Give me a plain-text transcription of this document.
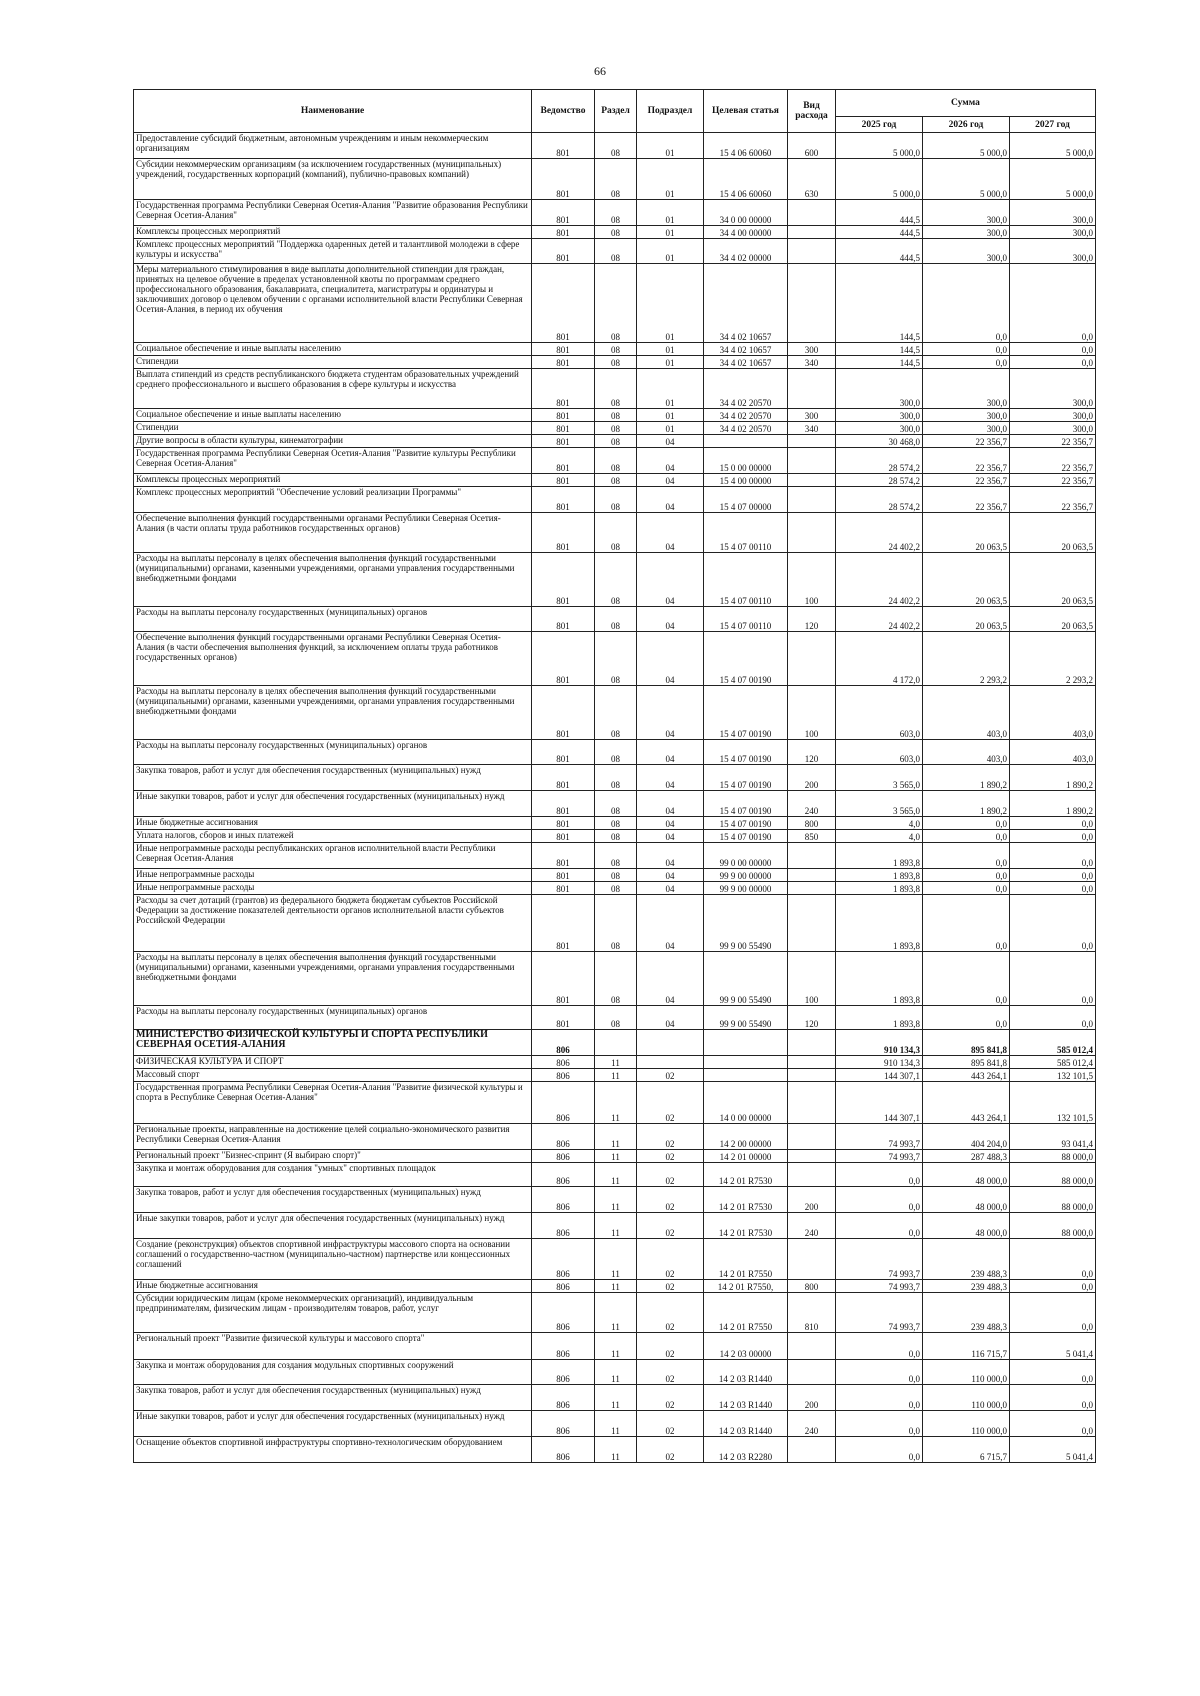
66
Наименование	Ведомство	Раздел	Подраздел	Целевая статья	Вид расхода	Сумма		
						2025 год	2026 год	2027 год
Предоставление субсидий бюджетным, автономным учреждениям и иным некоммерческим организациям	801	08	01	15 4 06 60060	600	5 000,0	5 000,0	5 000,0
Субсидии некоммерческим организациям (за исключением государственных (муниципальных) учреждений, государственных корпораций (компаний), публично-правовых компаний)	801	08	01	15 4 06 60060	630	5 000,0	5 000,0	5 000,0
Государственная программа Республики Северная Осетия-Алания "Развитие образования Республики Северная Осетия-Алания"	801	08	01	34 0 00 00000		444,5	300,0	300,0
Комплексы процессных мероприятий	801	08	01	34 4 00 00000		444,5	300,0	300,0
Комплекс процессных мероприятий "Поддержка одаренных детей и талантливой молодежи в сфере культуры и искусства"	801	08	01	34 4 02 00000		444,5	300,0	300,0
Меры материального стимулирования в виде выплаты дополнительной стипендии для граждан, принятых на целевое обучение в пределах установленной квоты по программам среднего профессионального образования, бакалавриата, специалитета, магистратуры и ординатуры и заключивших договор о целевом обучении с органами исполнительной власти Республики Северная Осетия-Алания, в период их обучения	801	08	01	34 4 02 10657		144,5	0,0	0,0
Социальное обеспечение и иные выплаты населению	801	08	01	34 4 02 10657	300	144,5	0,0	0,0
Стипендии	801	08	01	34 4 02 10657	340	144,5	0,0	0,0
Выплата стипендий из средств республиканского бюджета студентам образовательных учреждений среднего профессионального и высшего образования в сфере культуры и искусства	801	08	01	34 4 02 20570		300,0	300,0	300,0
Социальное обеспечение и иные выплаты населению	801	08	01	34 4 02 20570	300	300,0	300,0	300,0
Стипендии	801	08	01	34 4 02 20570	340	300,0	300,0	300,0
Другие вопросы в области культуры, кинематографии	801	08	04			30 468,0	22 356,7	22 356,7
Государственная программа Республики Северная Осетия-Алания "Развитие культуры Республики Северная Осетия-Алания"	801	08	04	15 0 00 00000		28 574,2	22 356,7	22 356,7
Комплексы процессных мероприятий	801	08	04	15 4 00 00000		28 574,2	22 356,7	22 356,7
Комплекс процессных мероприятий "Обеспечение условий реализации Программы"	801	08	04	15 4 07 00000		28 574,2	22 356,7	22 356,7
Обеспечение выполнения функций государственными органами Республики Северная Осетия-Алания (в части оплаты труда работников государственных органов)	801	08	04	15 4 07 00110		24 402,2	20 063,5	20 063,5
Расходы на выплаты персоналу в целях обеспечения выполнения функций государственными (муниципальными) органами, казенными учреждениями, органами управления государственными внебюджетными фондами	801	08	04	15 4 07 00110	100	24 402,2	20 063,5	20 063,5
Расходы на выплаты персоналу государственных (муниципальных) органов	801	08	04	15 4 07 00110	120	24 402,2	20 063,5	20 063,5
Обеспечение выполнения функций государственными органами Республики Северная Осетия-Алания (в части обеспечения выполнения функций, за исключением оплаты труда работников государственных органов)	801	08	04	15 4 07 00190		4 172,0	2 293,2	2 293,2
Расходы на выплаты персоналу в целях обеспечения выполнения функций государственными (муниципальными) органами, казенными учреждениями, органами управления государственными внебюджетными фондами	801	08	04	15 4 07 00190	100	603,0	403,0	403,0
Расходы на выплаты персоналу государственных (муниципальных) органов	801	08	04	15 4 07 00190	120	603,0	403,0	403,0
Закупка товаров, работ и услуг для обеспечения государственных (муниципальных) нужд	801	08	04	15 4 07 00190	200	3 565,0	1 890,2	1 890,2
Иные закупки товаров, работ и услуг для обеспечения государственных (муниципальных) нужд	801	08	04	15 4 07 00190	240	3 565,0	1 890,2	1 890,2
Иные бюджетные ассигнования	801	08	04	15 4 07 00190	800	4,0	0,0	0,0
Уплата налогов, сборов и иных платежей	801	08	04	15 4 07 00190	850	4,0	0,0	0,0
Иные непрограммные расходы республиканских органов исполнительной власти Республики Северная Осетия-Алания	801	08	04	99 0 00 00000		1 893,8	0,0	0,0
Иные непрограммные расходы	801	08	04	99 9 00 00000		1 893,8	0,0	0,0
Иные непрограммные расходы	801	08	04	99 9 00 00000		1 893,8	0,0	0,0
Расходы за счет дотаций (грантов) из федерального бюджета бюджетам субъектов Российской Федерации за достижение показателей деятельности органов исполнительной власти субъектов Российской Федерации	801	08	04	99 9 00 55490		1 893,8	0,0	0,0
Расходы на выплаты персоналу в целях обеспечения выполнения функций государственными (муниципальными) органами, казенными учреждениями, органами управления государственными внебюджетными фондами	801	08	04	99 9 00 55490	100	1 893,8	0,0	0,0
Расходы на выплаты персоналу государственных (муниципальных) органов	801	08	04	99 9 00 55490	120	1 893,8	0,0	0,0
МИНИСТЕРСТВО ФИЗИЧЕСКОЙ КУЛЬТУРЫ И СПОРТА РЕСПУБЛИКИ СЕВЕРНАЯ ОСЕТИЯ-АЛАНИЯ	806					910 134,3	895 841,8	585 012,4
ФИЗИЧЕСКАЯ КУЛЬТУРА И СПОРТ	806	11				910 134,3	895 841,8	585 012,4
Массовый спорт	806	11	02			144 307,1	443 264,1	132 101,5
Государственная программа Республики Северная Осетия-Алания "Развитие физической культуры и спорта в Республике Северная Осетия-Алания"	806	11	02	14 0 00 00000		144 307,1	443 264,1	132 101,5
Региональные проекты, направленные на достижение целей социально-экономического развития Республики Северная Осетия-Алания	806	11	02	14 2 00 00000		74 993,7	404 204,0	93 041,4
Региональный проект "Бизнес-спринт (Я выбираю спорт)"	806	11	02	14 2 01 00000		74 993,7	287 488,3	88 000,0
Закупка и монтаж оборудования для создания "умных" спортивных площадок	806	11	02	14 2 01 R7530		0,0	48 000,0	88 000,0
Закупка товаров, работ и услуг для обеспечения государственных (муниципальных) нужд	806	11	02	14 2 01 R7530	200	0,0	48 000,0	88 000,0
Иные закупки товаров, работ и услуг для обеспечения государственных (муниципальных) нужд	806	11	02	14 2 01 R7530	240	0,0	48 000,0	88 000,0
Создание (реконструкция) объектов спортивной инфраструктуры массового спорта на основании соглашений о государственно-частном (муниципально-частном) партнерстве или концессионных соглашений	806	11	02	14 2 01 R7550		74 993,7	239 488,3	0,0
Иные бюджетные ассигнования	806	11	02	14 2 01 R7550,	800	74 993,7	239 488,3	0,0
Субсидии юридическим лицам (кроме некоммерческих организаций), индивидуальным предпринимателям, физическим лицам - производителям товаров, работ, услуг	806	11	02	14 2 01 R7550	810	74 993,7	239 488,3	0,0
Региональный проект "Развитие физической культуры и массового спорта"	806	11	02	14 2 03 00000		0,0	116 715,7	5 041,4
Закупка и монтаж оборудования для создания модульных спортивных сооружений	806	11	02	14 2 03 R1440		0,0	110 000,0	0,0
Закупка товаров, работ и услуг для обеспечения государственных (муниципальных) нужд	806	11	02	14 2 03 R1440	200	0,0	110 000,0	0,0
Иные закупки товаров, работ и услуг для обеспечения государственных (муниципальных) нужд	806	11	02	14 2 03 R1440	240	0,0	110 000,0	0,0
Оснащение объектов спортивной инфраструктуры спортивно-технологическим оборудованием	806	11	02	14 2 03 R2280		0,0	6 715,7	5 041,4
